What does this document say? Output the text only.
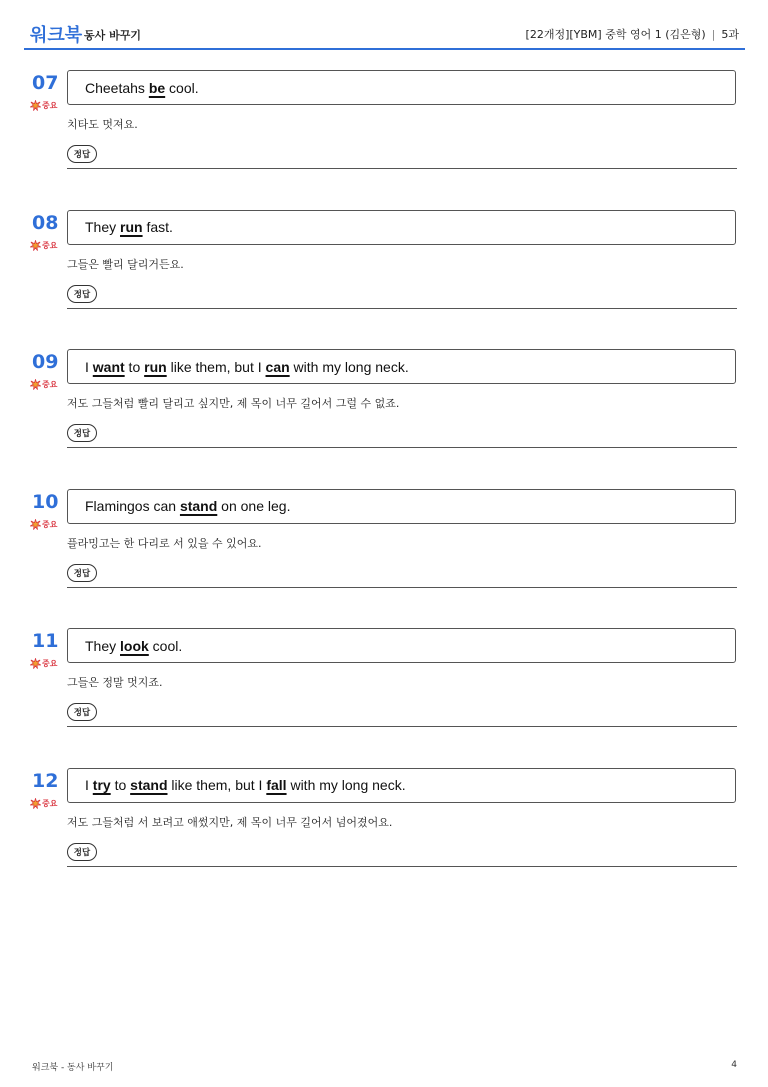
워크북 동사 바꾸기	[22개정][YBM] 중학 영어 1 (김은형) | 5과
07
중요
Cheetahs be cool.
치타도 멋져요.
정답
08
중요
They run fast.
그들은 빨리 달리거든요.
정답
09
중요
I want to run like them, but I can with my long neck.
저도 그들처럼 빨리 달리고 싶지만, 제 목이 너무 길어서 그럴 수 없죠.
정답
10
중요
Flamingos can stand on one leg.
플라밍고는 한 다리로 서 있을 수 있어요.
정답
11
중요
They look cool.
그들은 정말 멋지죠.
정답
12
중요
I try to stand like them, but I fall with my long neck.
저도 그들처럼 서 보려고 애썼지만, 제 목이 너무 길어서 넘어졌어요.
정답
워크북 - 동사 바꾸기	4
